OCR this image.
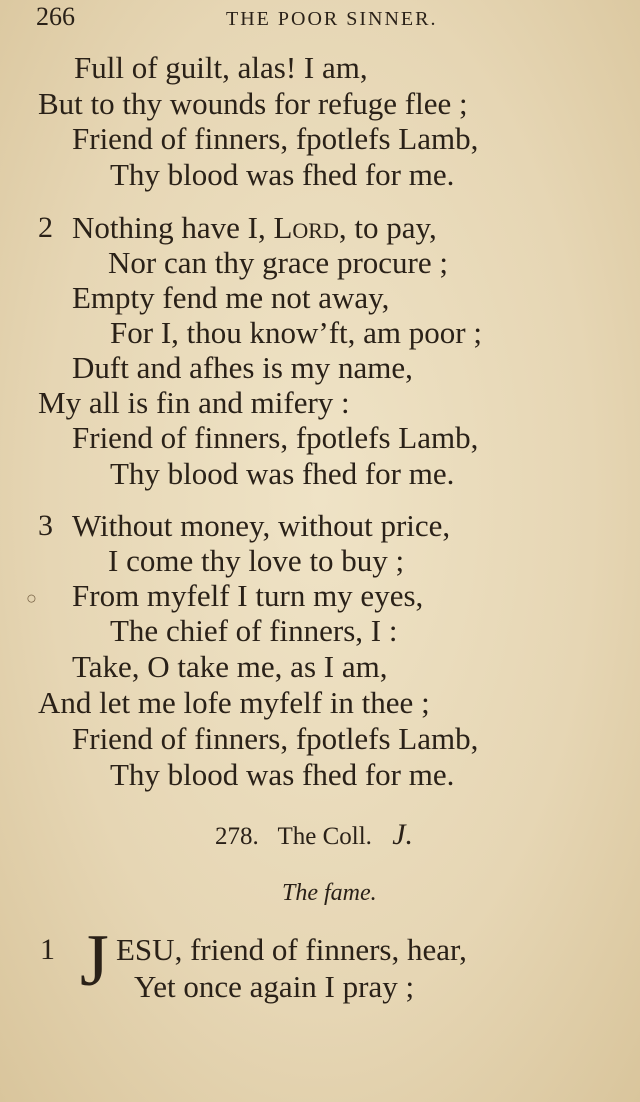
266	THE POOR SINNER.
Full of guilt, alas! I am,
But to thy wounds for refuge flee ;
Friend of finners, fpotlefs Lamb,
Thy blood was fhed for me.
2 Nothing have I, Lord, to pay,
Nor can thy grace procure ;
Empty fend me not away,
For I, thou know’ft, am poor ;
Duft and afhes is my name,
My all is fin and mifery :
Friend of finners, fpotlefs Lamb,
Thy blood was fhed for me.
3 Without money, without price,
I come thy love to buy ;
○ From myfelf I turn my eyes,
The chief of finners, I :
Take, O take me, as I am,
And let me lofe myfelf in thee ;
Friend of finners, fpotlefs Lamb,
Thy blood was fhed for me.
278. The Coll. J.
The fame.
1 J ESU, friend of finners, hear,
Yet once again I pray ;
